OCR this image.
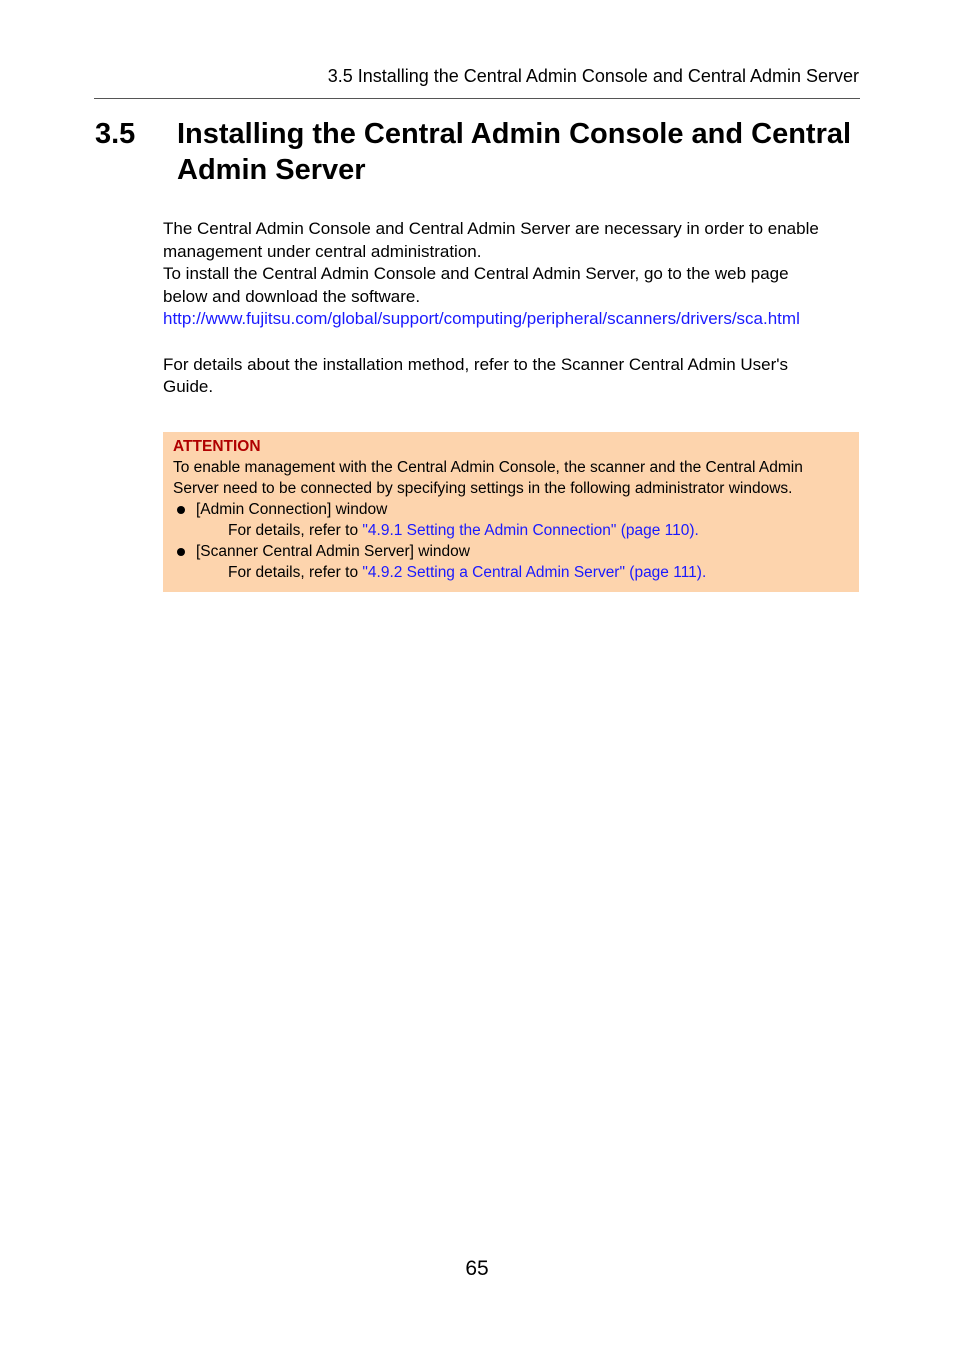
3.5 Installing the Central Admin Console and Central Admin Server
3.5 Installing the Central Admin Console and Central Admin Server

The Central Admin Console and Central Admin Server are necessary in order to enable

management under central administration.

To install the Central Admin Console and Central Admin Server, go to the web page

below and download the software.

http://www.fujitsu.com/global/support/computing/peripheral/scanners/drivers/sca.html

For details about the installation method, refer to the Scanner Central Admin User's

Guide.

ATTENTION

To enable management with the Central Admin Console, the scanner and the Central Admin

Server need to be connected by specifying settings in the following administrator windows.

[Admin Connection] window

For details, refer to "4.9.1 Setting the Admin Connection" (page 110).

[Scanner Central Admin Server] window

For details, refer to "4.9.2 Setting a Central Admin Server" (page 111).

65
